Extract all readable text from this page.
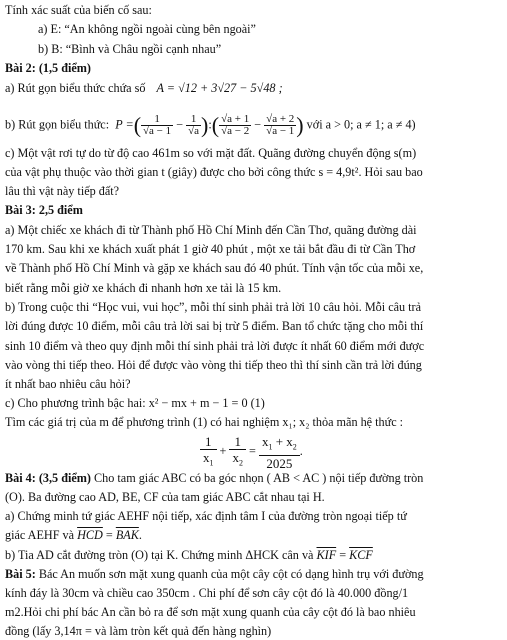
Tính xác suất của biến cố sau:
a) E: “An không ngồi ngoài cùng bên ngoài”
b) B: “Bình và Châu ngồi cạnh nhau”
Bài 2: (1,5 điểm)
a) Rút gọn biểu thức chứa số A = √12 + 3√27 − 5√48 ;
b) Rút gọn biểu thức:  P =( $\frac{1}{√a - 1} - \frac{1}{√a}$ ):( $\frac{√a + 1}{√a - 2} - \frac{√a + 2}{√a - 1}$ ) với a > 0; a ≠ 1; a ≠ 4)
c) Một vật rơi tự do từ độ cao 461m so với mặt đất. Quãng đường chuyển động s(m)
của vật phụ thuộc vào thời gian t (giây) được cho bởi công thức s = 4,9t². Hỏi sau bao
lâu thì vật này tiếp đất?
Bài 3: 2,5 điểm
a) Một chiếc xe khách đi từ Thành phố Hồ Chí Minh đến Cần Thơ, quãng đường dài
170 km. Sau khi xe khách xuất phát 1 giờ 40 phút , một xe tải bắt đầu đi từ Cần Thơ
về Thành phố Hồ Chí Minh và gặp xe khách sau đó 40 phút. Tính vận tốc của mỗi xe,
biết rằng mỗi giờ xe khách đi nhanh hơn xe tải là 15 km.
b) Trong cuộc thi “Học vui, vui học”, mỗi thí sinh phải trả lời 10 câu hỏi. Mỗi câu trả
lời đúng được 10 điểm, mỗi câu trả lời sai bị trừ 5 điểm. Ban tổ chức tặng cho mỗi thí
sinh 10 điểm và theo quy định mỗi thí sinh phải trả lời được ít nhất 60 điểm mới được
vào vòng thi tiếp theo. Hỏi để được vào vòng thi tiếp theo thì thí sinh cần trả lời đúng
ít nhất bao nhiêu câu hỏi?
c) Cho phương trình bậc hai: x² − mx + m − 1 = 0 (1)
Tìm các giá trị của m để phương trình (1) có hai nghiệm x₁; x₂ thỏa mãn hệ thức :
$\frac{1}{x_1} + \frac{1}{x_2} = \frac{x_1 + x_2}{2025}$ .
Bài 4: (3,5 điểm) Cho tam giác ABC có ba góc nhọn ( AB < AC ) nội tiếp đường tròn
(O). Ba đường cao AD, BE, CF của tam giác ABC cắt nhau tại H.
a) Chứng minh tứ giác AEHF nội tiếp, xác định tâm I của đường tròn ngoại tiếp tứ
giác AEHF và $\overline{HCD} = \overline{BAK}$.
b) Tia AD cắt đường tròn (O) tại K. Chứng minh ΔHCK cân và $\overline{KIF} = \overline{KCF}$
Bài 5: Bác An muốn sơn mặt xung quanh của một cây cột có dạng hình trụ với đường
kính đáy là 30cm và chiều cao 350cm . Chi phí để sơn cây cột đó là 40.000 đồng/1
m2.Hỏi chi phí bác An cần bỏ ra để sơn mặt xung quanh của cây cột đó là bao nhiêu
đồng (lấy 3,14π = và làm tròn kết quả đến hàng nghìn)
